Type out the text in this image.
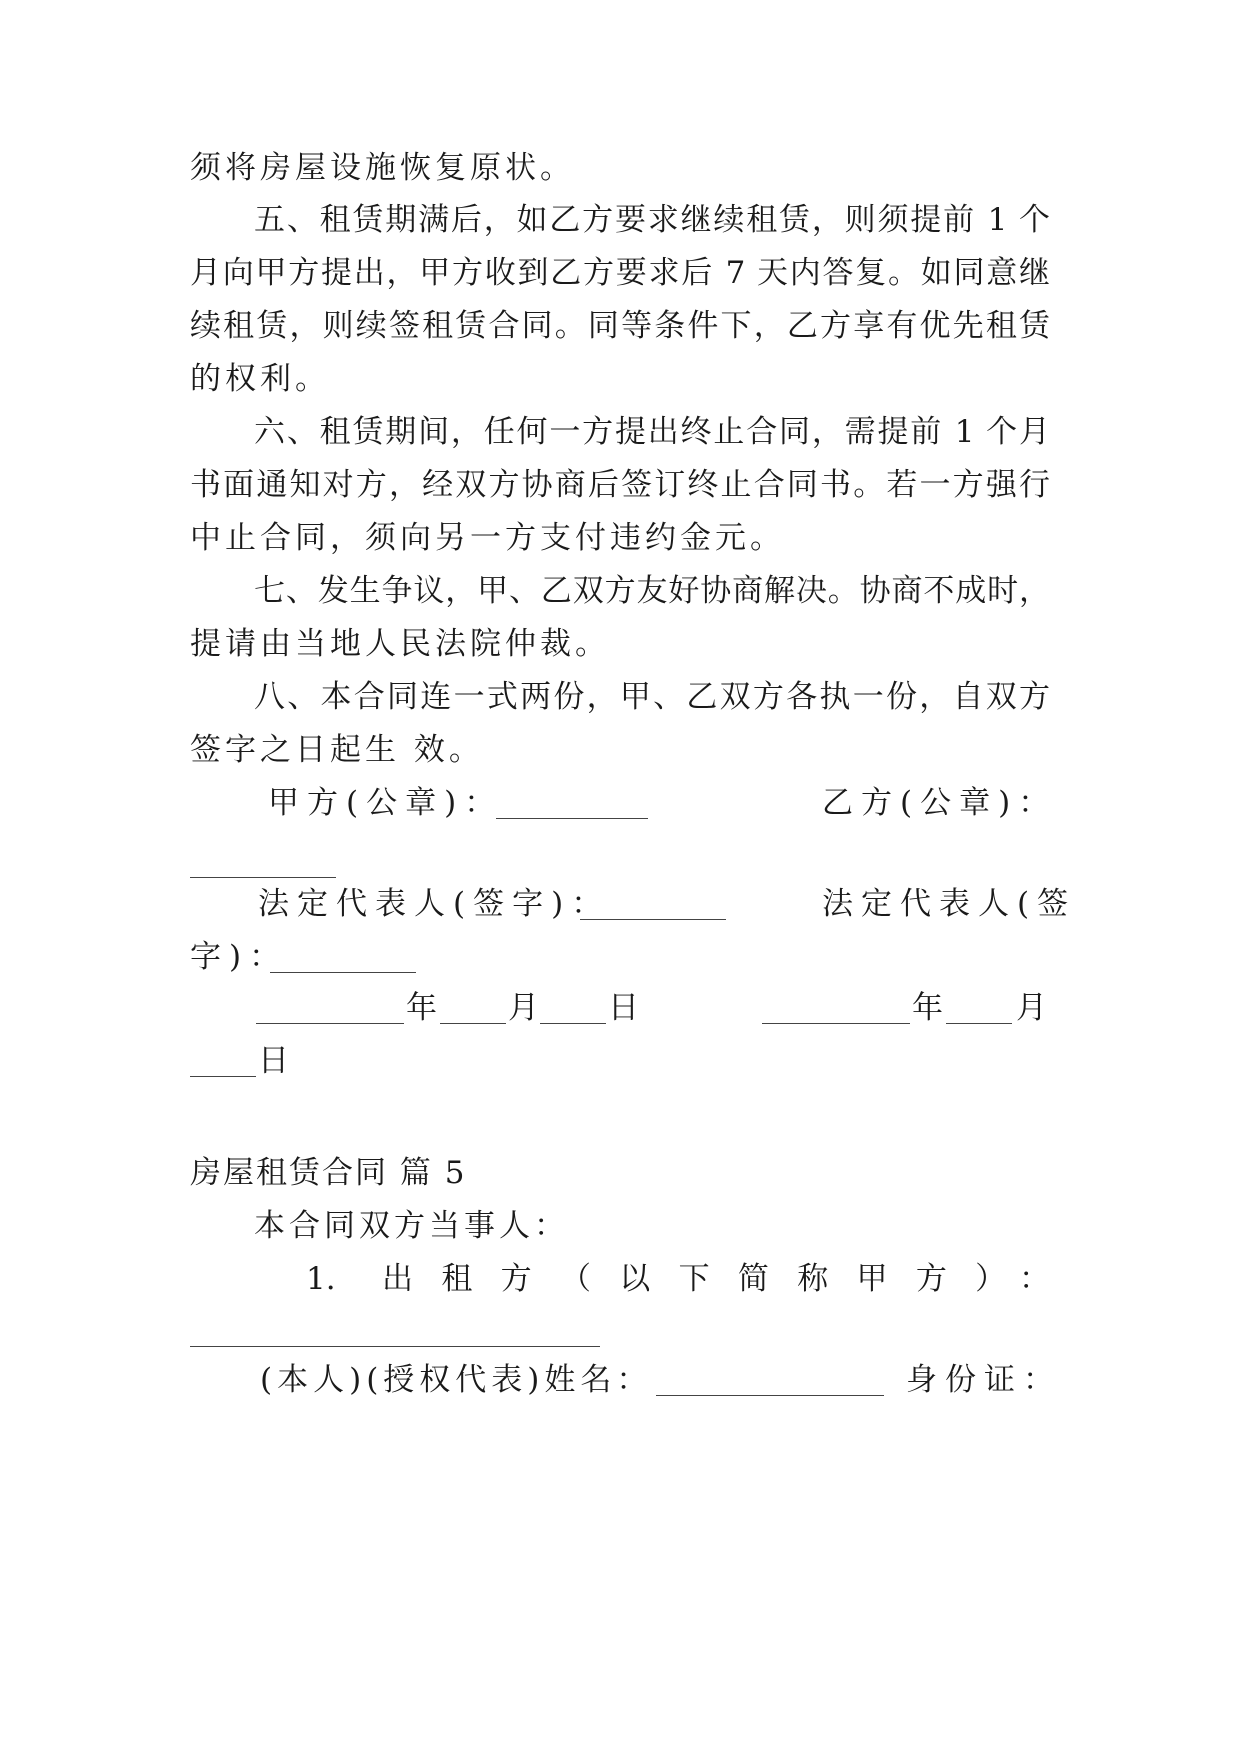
须将房屋设施恢复原状。
五、租赁期满后，如乙方要求继续租赁，则须提前 1 个
月向甲方提出，甲方收到乙方要求后 7 天内答复。如同意继
续租赁，则续签租赁合同。同等条件下，乙方享有优先租赁
的权利。
六、租赁期间，任何一方提出终止合同，需提前 1 个月
书面通知对方，经双方协商后签订终止合同书。若一方强行
中止合同，须向另一方支付违约金元。
七、发生争议，甲、乙双方友好协商解决。协商不成时，
提请由当地人民法院仲裁。
八、本合同连一式两份，甲、乙双方各执一份，自双方
签字之日起生 效。
甲方(公章)：	乙方(公章)：
法定代表人(签字)：	法定代表人(签
字)：
年 月 日	年 月
日
房屋租赁合同 篇 5
本合同双方当事人：
1. 出租方（以下简称甲方）：
(本人)(授权代表)姓名：	身份证：
